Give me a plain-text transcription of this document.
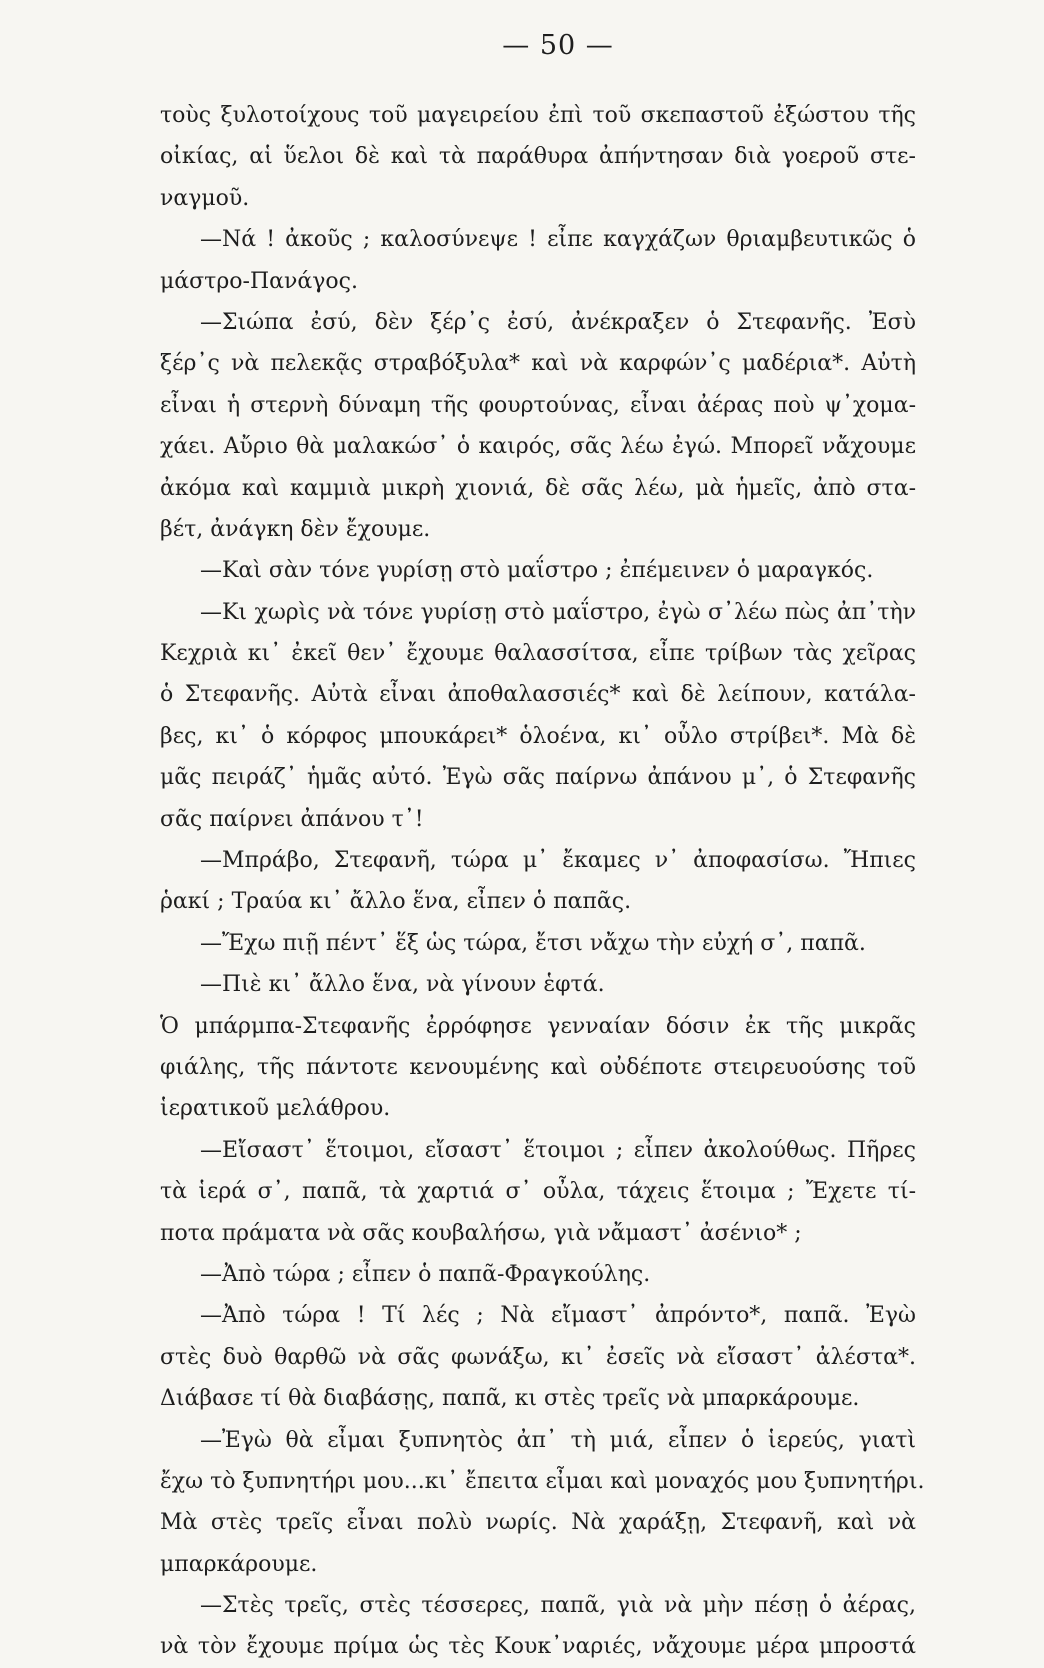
— 50 —
τοὺς ξυλοτοίχους τοῦ μαγειρείου ἐπὶ τοῦ σκεπαστοῦ ἐξώστου τῆς
οἰκίας, αἱ ὕελοι δὲ καὶ τὰ παράθυρα ἀπήντησαν διὰ γοεροῦ στε-
ναγμοῦ.
—Νά ! ἀκοῦς ; καλοσύνεψε ! εἶπε καγχάζων θριαμβευτικῶς ὁ
μάστρο-Πανάγος.
—Σιώπα ἐσύ, δὲν ξέρ᾿ς ἐσύ, ἀνέκραξεν ὁ Στεφανῆς. Ἐσὺ
ξέρ᾿ς νὰ πελεκᾷς στραβόξυλα* καὶ νὰ καρφών᾿ς μαδέρια*. Αὐτὴ
εἶναι ἡ στερνὴ δύναμη τῆς φουρτούνας, εἶναι ἀέρας ποὺ ψ᾿χομα-
χάει. Αὔριο θὰ μαλακώσ᾿ ὁ καιρός, σᾶς λέω ἐγώ. Μπορεῖ νἄχουμε
ἀκόμα καὶ καμμιὰ μικρὴ χιονιά, δὲ σᾶς λέω, μὰ ἡμεῖς, ἀπὸ στα-
βέτ, ἀνάγκη δὲν ἔχουμε.
—Καὶ σὰν τόνε γυρίσῃ στὸ μαΐστρο ; ἐπέμεινεν ὁ μαραγκός.
—Κι χωρὶς νὰ τόνε γυρίσῃ στὸ μαΐστρο, ἐγὼ σ᾿λέω πὼς ἀπ᾿τὴν
Κεχριὰ κι᾿ ἐκεῖ θεν᾿ ἔχουμε θαλασσίτσα, εἶπε τρίβων τὰς χεῖρας
ὁ Στεφανῆς. Αὐτὰ εἶναι ἀποθαλασσιές* καὶ δὲ λείπουν, κατάλα-
βες, κι᾿ ὁ κόρφος μπουκάρει* ὁλοένα, κι᾿ οὖλο στρίβει*. Μὰ δὲ
μᾶς πειράζ᾿ ἡμᾶς αὐτό. Ἐγὼ σᾶς παίρνω ἀπάνου μ᾿, ὁ Στεφανῆς
σᾶς παίρνει ἀπάνου τ᾿!
—Μπράβο, Στεφανῆ, τώρα μ᾿ ἔκαμες ν᾿ ἀποφασίσω. Ἤπιες
ῥακί ; Τραύα κι᾿ ἄλλο ἕνα, εἶπεν ὁ παπᾶς.
—Ἔχω πιῇ πέντ᾿ ἕξ ὡς τώρα, ἔτσι νἄχω τὴν εὐχή σ᾿, παπᾶ.
—Πιὲ κι᾿ ἄλλο ἕνα, νὰ γίνουν ἑφτά.
Ὁ μπάρμπα-Στεφανῆς ἐρρόφησε γενναίαν δόσιν ἐκ τῆς μικρᾶς
φιάλης, τῆς πάντοτε κενουμένης καὶ οὐδέποτε στειρευούσης τοῦ
ἱερατικοῦ μελάθρου.
—Εἴσαστ᾿ ἕτοιμοι, εἴσαστ᾿ ἕτοιμοι ; εἶπεν ἀκολούθως. Πῆρες
τὰ ἱερά σ᾿, παπᾶ, τὰ χαρτιά σ᾿ οὖλα, τάχεις ἕτοιμα ; Ἔχετε τί-
ποτα πράματα νὰ σᾶς κουβαλήσω, γιὰ νἄμαστ᾿ ἀσένιο* ;
—Ἀπὸ τώρα ; εἶπεν ὁ παπᾶ-Φραγκούλης.
—Ἀπὸ τώρα ! Τί λές ; Νὰ εἴμαστ᾿ ἀπρόντο*, παπᾶ. Ἐγὼ
στὲς δυὸ θαρθῶ νὰ σᾶς φωνάξω, κι᾿ ἐσεῖς νὰ εἴσαστ᾿ ἀλέστα*.
Διάβασε τί θὰ διαβάσῃς, παπᾶ, κι στὲς τρεῖς νὰ μπαρκάρουμε.
—Ἐγὼ θὰ εἶμαι ξυπνητὸς ἀπ᾿ τὴ μιά, εἶπεν ὁ ἱερεύς, γιατὶ
ἔχω τὸ ξυπνητήρι μου...κι᾿ ἔπειτα εἶμαι καὶ μοναχός μου ξυπνητήρι.
Μὰ στὲς τρεῖς εἶναι πολὺ νωρίς. Νὰ χαράξῃ, Στεφανῆ, καὶ νὰ
μπαρκάρουμε.
—Στὲς τρεῖς, στὲς τέσσερες, παπᾶ, γιὰ νὰ μὴν πέσῃ ὁ ἀέρας,
νὰ τὸν ἔχουμε πρίμα ὡς τὲς Κουκ᾿ναριές, νἄχουμε μέρα μπροστά
